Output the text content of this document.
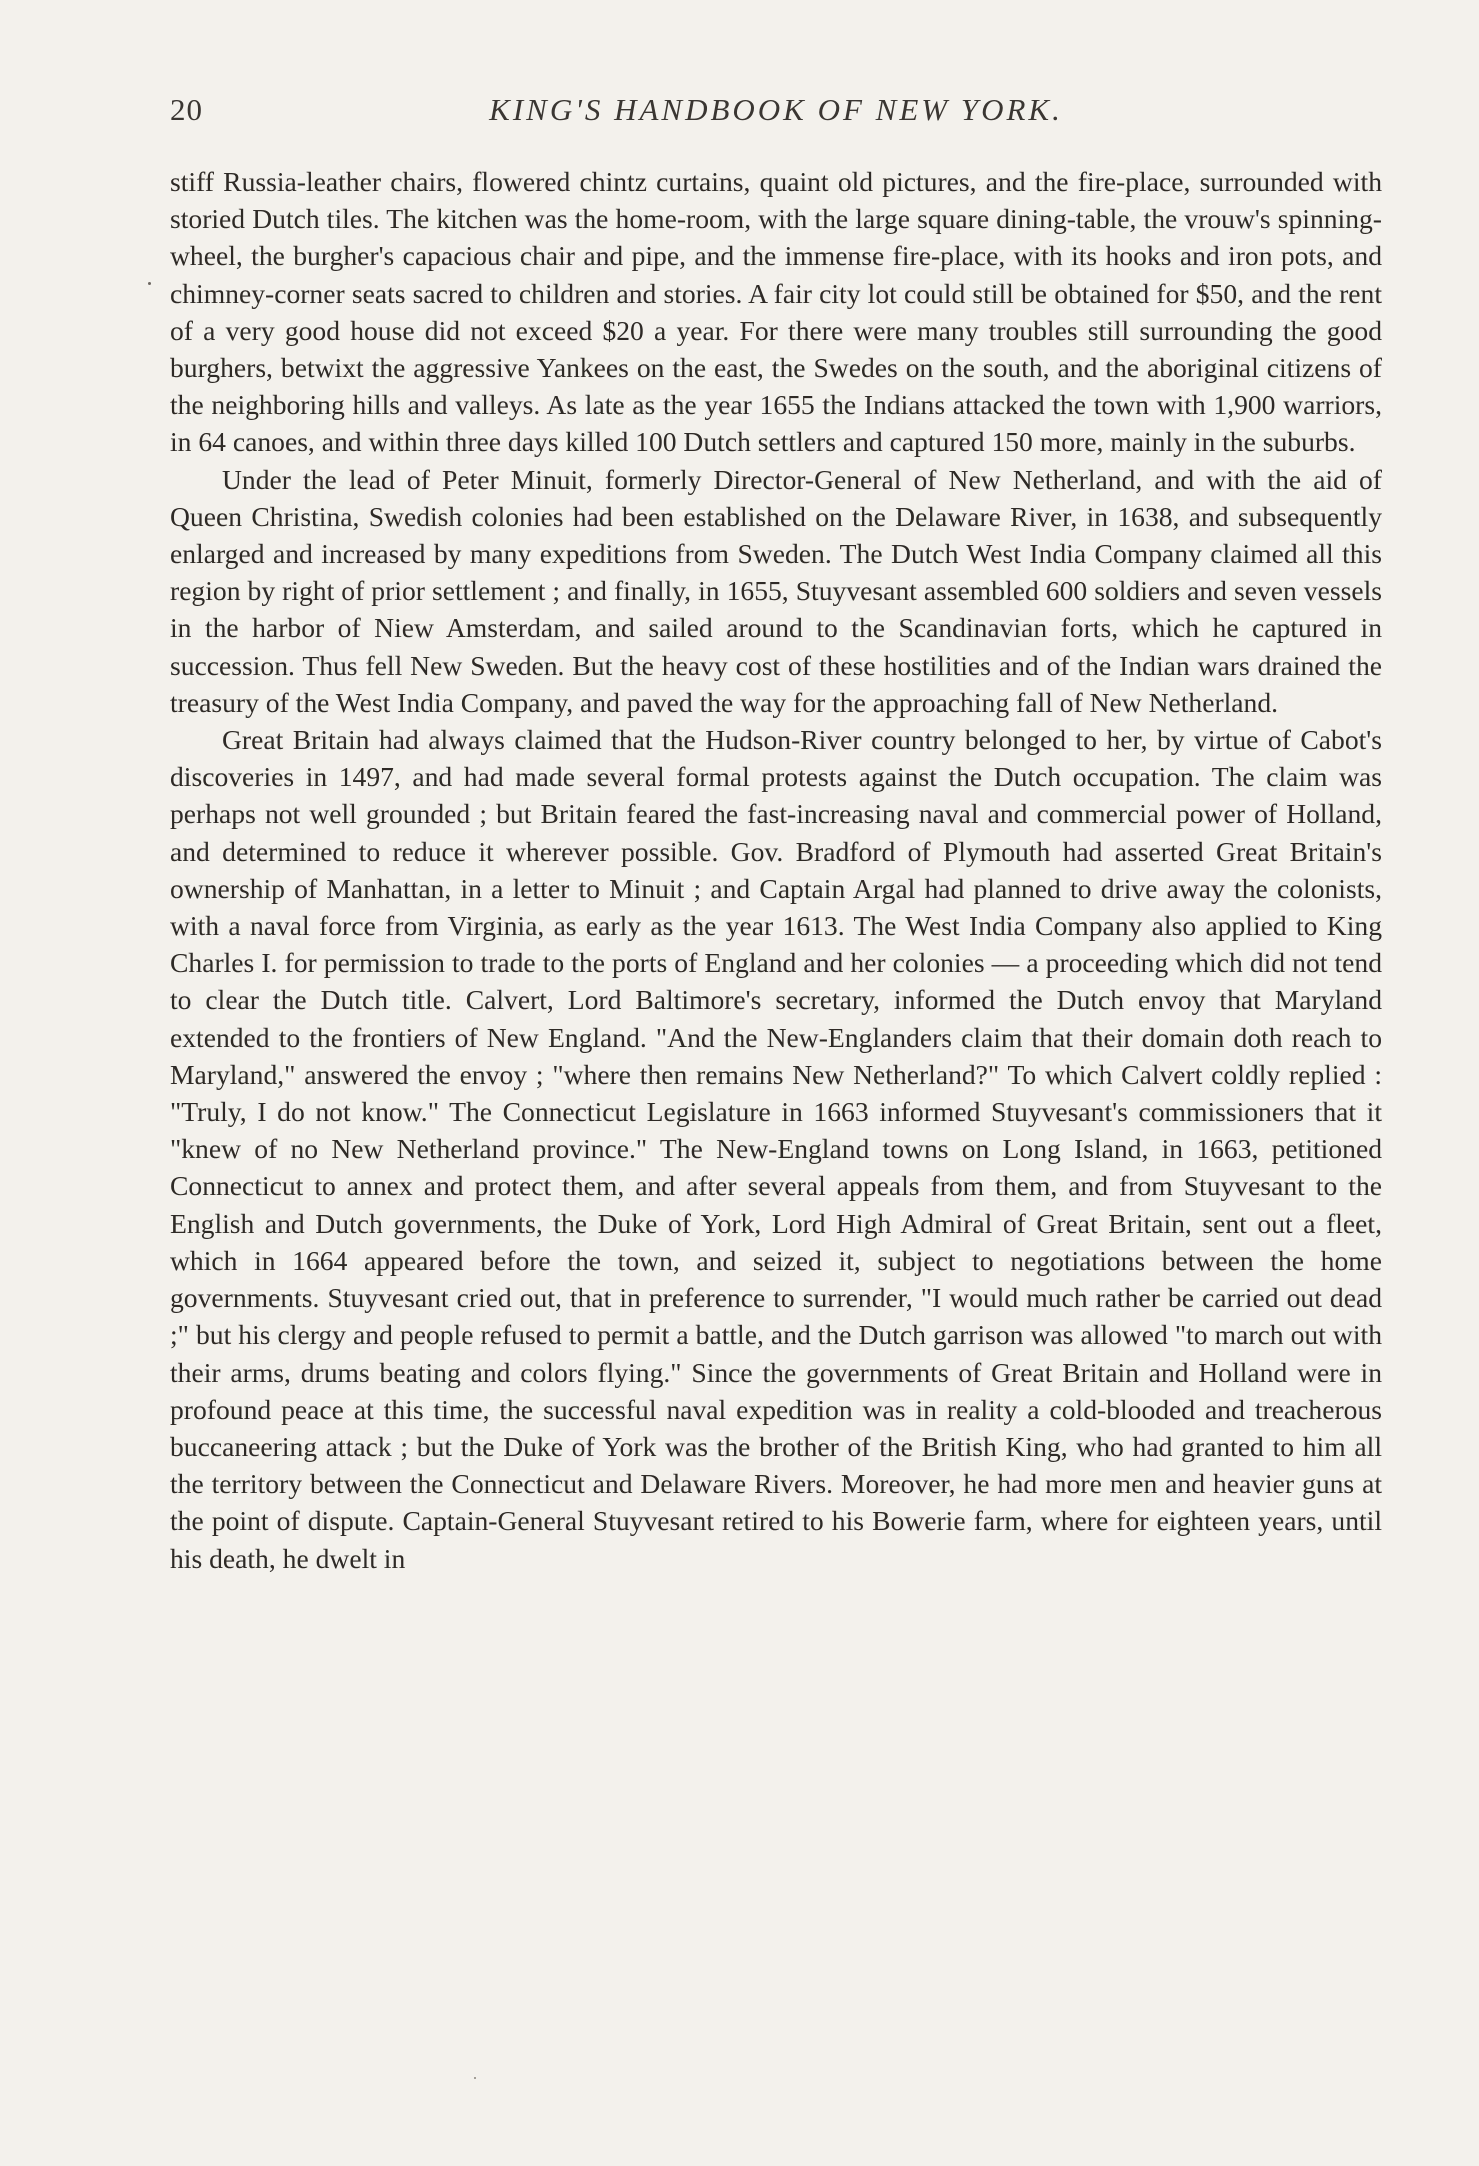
20	KING'S HANDBOOK OF NEW YORK.

stiff Russia-leather chairs, flowered chintz curtains, quaint old pictures, and the fire-place, surrounded with storied Dutch tiles. The kitchen was the home-room, with the large square dining-table, the vrouw's spinning-wheel, the burgher's capacious chair and pipe, and the immense fire-place, with its hooks and iron pots, and chimney-corner seats sacred to children and stories. A fair city lot could still be obtained for $50, and the rent of a very good house did not exceed $20 a year. For there were many troubles still surrounding the good burghers, betwixt the aggressive Yankees on the east, the Swedes on the south, and the aboriginal citizens of the neighboring hills and valleys. As late as the year 1655 the Indians attacked the town with 1,900 warriors, in 64 canoes, and within three days killed 100 Dutch settlers and captured 150 more, mainly in the suburbs.

Under the lead of Peter Minuit, formerly Director-General of New Netherland, and with the aid of Queen Christina, Swedish colonies had been established on the Delaware River, in 1638, and subsequently enlarged and increased by many expeditions from Sweden. The Dutch West India Company claimed all this region by right of prior settlement ; and finally, in 1655, Stuyvesant assembled 600 soldiers and seven vessels in the harbor of Niew Amsterdam, and sailed around to the Scandinavian forts, which he captured in succession. Thus fell New Sweden. But the heavy cost of these hostilities and of the Indian wars drained the treasury of the West India Company, and paved the way for the approaching fall of New Netherland.

Great Britain had always claimed that the Hudson-River country belonged to her, by virtue of Cabot's discoveries in 1497, and had made several formal protests against the Dutch occupation. The claim was perhaps not well grounded ; but Britain feared the fast-increasing naval and commercial power of Holland, and determined to reduce it wherever possible. Gov. Bradford of Plymouth had asserted Great Britain's ownership of Manhattan, in a letter to Minuit ; and Captain Argal had planned to drive away the colonists, with a naval force from Virginia, as early as the year 1613. The West India Company also applied to King Charles I. for permission to trade to the ports of England and her colonies — a proceeding which did not tend to clear the Dutch title. Calvert, Lord Baltimore's secretary, informed the Dutch envoy that Maryland extended to the frontiers of New England. "And the New-Englanders claim that their domain doth reach to Maryland," answered the envoy ; "where then remains New Netherland?" To which Calvert coldly replied : "Truly, I do not know." The Connecticut Legislature in 1663 informed Stuyvesant's commissioners that it "knew of no New Netherland province." The New-England towns on Long Island, in 1663, petitioned Connecticut to annex and protect them, and after several appeals from them, and from Stuyvesant to the English and Dutch governments, the Duke of York, Lord High Admiral of Great Britain, sent out a fleet, which in 1664 appeared before the town, and seized it, subject to negotiations between the home governments. Stuyvesant cried out, that in preference to surrender, "I would much rather be carried out dead ;" but his clergy and people refused to permit a battle, and the Dutch garrison was allowed "to march out with their arms, drums beating and colors flying." Since the governments of Great Britain and Holland were in profound peace at this time, the successful naval expedition was in reality a cold-blooded and treacherous buccaneering attack ; but the Duke of York was the brother of the British King, who had granted to him all the territory between the Connecticut and Delaware Rivers. Moreover, he had more men and heavier guns at the point of dispute. Captain-General Stuyvesant retired to his Bowerie farm, where for eighteen years, until his death, he dwelt in
